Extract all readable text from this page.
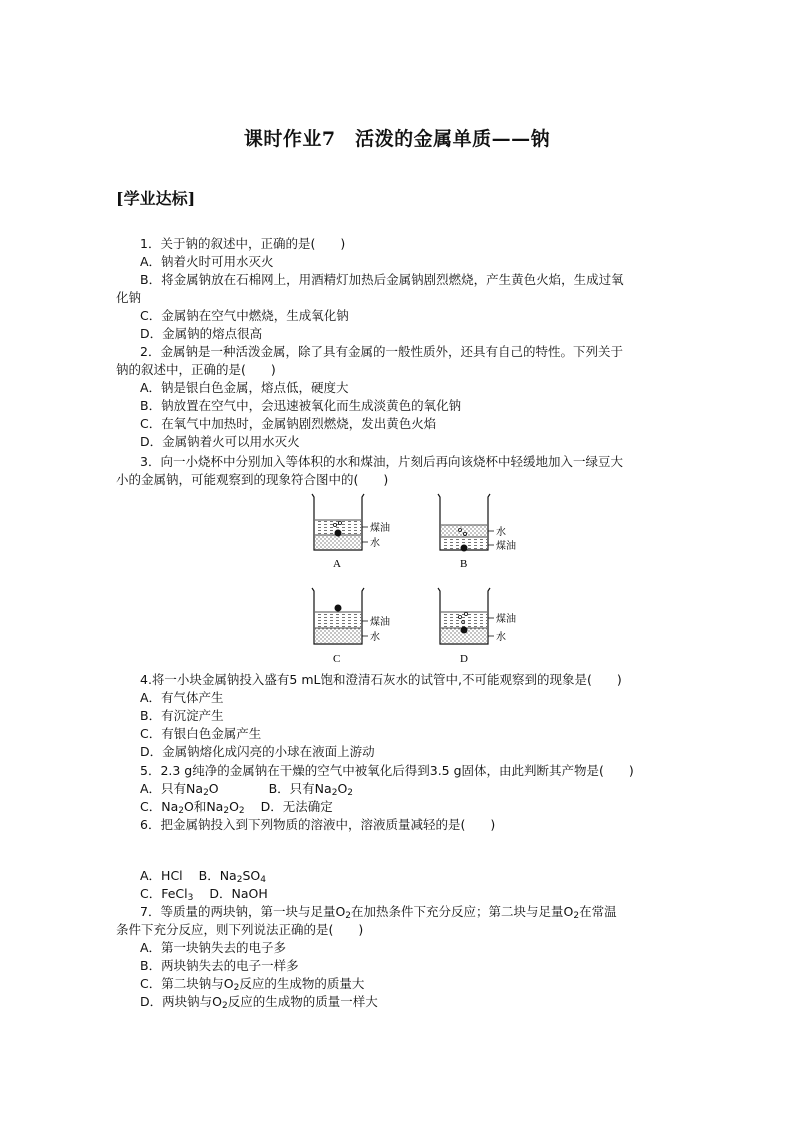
课时作业7　活泼的金属单质——钠
[学业达标]
1．关于钠的叙述中，正确的是(　　)
A．钠着火时可用水灭火
B．将金属钠放在石棉网上，用酒精灯加热后金属钠剧烈燃烧，产生黄色火焰，生成过氧
化钠
C．金属钠在空气中燃烧，生成氧化钠
D．金属钠的熔点很高
2．金属钠是一种活泼金属，除了具有金属的一般性质外，还具有自己的特性。下列关于
钠的叙述中，正确的是(　　)
A．钠是银白色金属，熔点低，硬度大
B．钠放置在空气中，会迅速被氧化而生成淡黄色的氧化钠
C．在氧气中加热时，金属钠剧烈燃烧，发出黄色火焰
D．金属钠着火可以用水灭火
3．向一小烧杯中分别加入等体积的水和煤油，片刻后再向该烧杯中轻缓地加入一绿豆大
小的金属钠，可能观察到的现象符合图中的(　　)
煤油
水
A
水
煤油
B
煤油
水
C
煤油
水
D
4.将一小块金属钠投入盛有5 mL饱和澄清石灰水的试管中,不可能观察到的现象是(　　)
A．有气体产生
B．有沉淀产生
C．有银白色金属产生
D．金属钠熔化成闪亮的小球在液面上游动
5．2.3 g纯净的金属钠在干燥的空气中被氧化后得到3.5 g固体，由此判断其产物是(　　)
A．只有$Na_2O$	B．只有$Na_2O_2$
C．$Na_2O$和$Na_2O_2$ D．无法确定
6．把金属钠投入到下列物质的溶液中，溶液质量减轻的是(　　)
A．HCl B．$Na_2SO_4$
C．FeCl$_3$ D．NaOH
7．等质量的两块钠，第一块与足量$O_2$在加热条件下充分反应；第二块与足量$O_2$在常温
条件下充分反应，则下列说法正确的是(　　)
A．第一块钠失去的电子多
B．两块钠失去的电子一样多
C．第二块钠与$O_2$反应的生成物的质量大
D．两块钠与$O_2$反应的生成物的质量一样大
